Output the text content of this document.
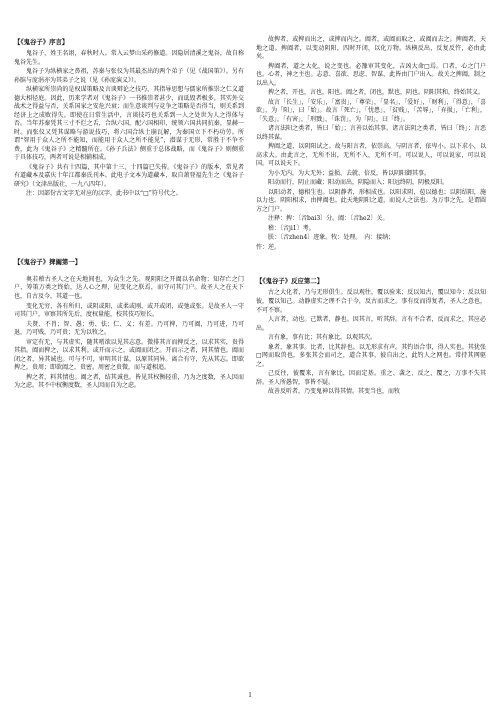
【《鬼谷子》序言】

鬼谷子，姓王名诩，春秋时人。常入云梦山采药修道。因隐居清溪之鬼谷，故自称鬼谷先生。

鬼谷子为纵横家之鼻祖，苏秦与张仪为其最杰出的两个弟子（见《战国策》）。另有孙膑与庞涓亦为其弟子之说（见《孙庞演义》）。

纵横家所崇尚的是权谋策略及言谈辩论之技巧，其指导思想与儒家所推崇之仁义道德大相径庭。因此，历来学者对《鬼谷子》一书推崇者甚少，而诋毁者极多。其实外交战术之得益与否，关系国家之安危兴衰；而生意谈判与竞争之策略是否得当，则关系到经济上之成败得失。即使在日常生活中，言谈技巧也关系到一人之处世为人之得体与否。当年苏秦凭其三寸不烂之舌，合纵六国，配六国相印，统领六国共同抗秦，显赫一时。而张仪又凭其谋略与游说技巧，将六国合纵土崩瓦解，为秦国立下不朽功劳。所谓“智用于众人之所不能知，而能用于众人之所不能见”，潜谋于无形，常胜于不争不费，此为《鬼谷子》之精髓所在。《孙子兵法》侧重于总体战略，而《鬼谷子》则侧重于具体技巧，两者可说是相辅相成。

《鬼谷子》共有十四篇，其中第十三、十四篇已失传。《鬼谷子》的版本，常见者有道藏本及嘉庆十年江都秦氏刊本。此电子文本为道藏本，取自萧登福先生之《鬼谷子研究》（文津出版社，一九八四年）。

注：因部份古文字无对应的汉字，此书中以“□”符号代之。

【《鬼谷子》捭阖第一】

奥若稽古圣人之在天地间也，为众生之先。观阴阳之开阖以名命物；知存亡之门户，筹策万类之终始，达人心之理，见变化之朕焉，而守司其门户。故圣人之在天下也，自古及今，其道一也。

变化无穷，各有所归，或阴或阳，或柔或刚，或开或闭，或弛或张。是故圣人一守司其门户，审察其所先后，度权量能，校其伎巧短长。

夫贤、不肖；智、愚；勇、怯；仁、义；有差。乃可捭，乃可阖，乃可进，乃可退，乃可贱，乃可贵；无为以牧之。

审定有无，与其虚实，随其嗜欲以见其志意。微排其言而捭反之，以求其实，贵得其指。阖而捭之，以求其利。或开而示之，或阖而闭之。开而示之者，同其情也。阖而闭之者，异其诚也。可与不可，审明其计谋，以原其同异。离合有守，先从其志。即欲捭之，贵周；即欲阖之，贵密。周密之贵微，而与道相追。

捭之者，料其情也。阖之者，结其诚也。皆见其权衡轻重，乃为之度数，圣人因而为之虑。其不中权衡度数，圣人因而自为之虑。

故捭者，或捭而出之，或捭而内之。阖者，或阖而取之，或阖而去之。捭阖者，天地之道。捭阖者，以变动阴阳，四时开闭，以化万物。纵横反出，反复反忤，必由此矣。

捭阖者，道之大化，说之变也。必豫审其变化，吉凶大命□焉。口者，心之门户也。心者，神之主也。志意、喜欲、思虑、智谋，此皆由门户出入。故关之捭阖，制之以出入。

捭之者，开也，言也，阳也。阖之者，闭也，默也，阴也。阴阳其和，终始其义。

故言「长生」，「安乐」，「富贵」，「尊荣」，「显名」，「爱好」，「财利」，「得意」，「喜欲」，为「阳」，曰「始」。故言「死亡」，「忧患」，「贫贱」，「苦辱」，「弃损」，「亡利」，「失意」，「有害」，「刑戮」，「诛罚」，为「阴」，曰「终」。

诸言法阳之类者，皆曰「始」；言善以始其事。诸言法阴之类者，皆曰「终」；言恶以终其谋。

捭阖之道，以阴阳试之。故与阳言者，依崇高。与阴言者，依卑小。以下求小，以高求大。由此言之，无所不出，无所不入，无所不可。可以说人，可以说家，可以说国，可以说天下。

为小无内，为大无外；益损、去就、倍反，皆以阴阳御其事。

阳动而行，阴止而藏；阳动而出，阴隐而入；阳远终阴，阴极反阳。

以阳动者，德相生也。以阴静者，形相成也。以阳求阴，苞以德也；以阴结阳，施以力也。阴阳相求，由捭阖也。此天地阴阳之道，而说人之法也。为万事之先，是谓圆方之门户。

注释：捭：〔音bai3〕分。阖：〔音he2〕关。

稽：〔音ji1〕考。

朕：〔音zhen4〕迹象。牧：处理。　内：接纳；

忤：逆。

【《鬼谷子》反应第二】

古之大化者，乃与无形俱生。反以观往，覆以验来；反以知古，覆以知今；反以知彼，覆以知己。动静虚实之理不合于今，反古而求之。事有反而得复者，圣人之意也，不可不察。

人言者，动也。己默者，静也。因其言，听其辞。言有不合者，反而求之，其应必出。

言有象，事有比；其有象比，以观其次。

象者，象其事。比者，比其辞也。以无形求有声。其钓语合事，得人实也。其犹张□网而取兽也，多张其会而司之，道合其事，彼自出之，此钓人之网也。常持其网驱之。

己反往，彼覆来，言有象比，因而定基。重之、袭之、反之、覆之，万事不失其辞。圣人所愚智，事皆不疑。

故善反听者，乃变鬼神以得其情。其变当也，而牧

1
